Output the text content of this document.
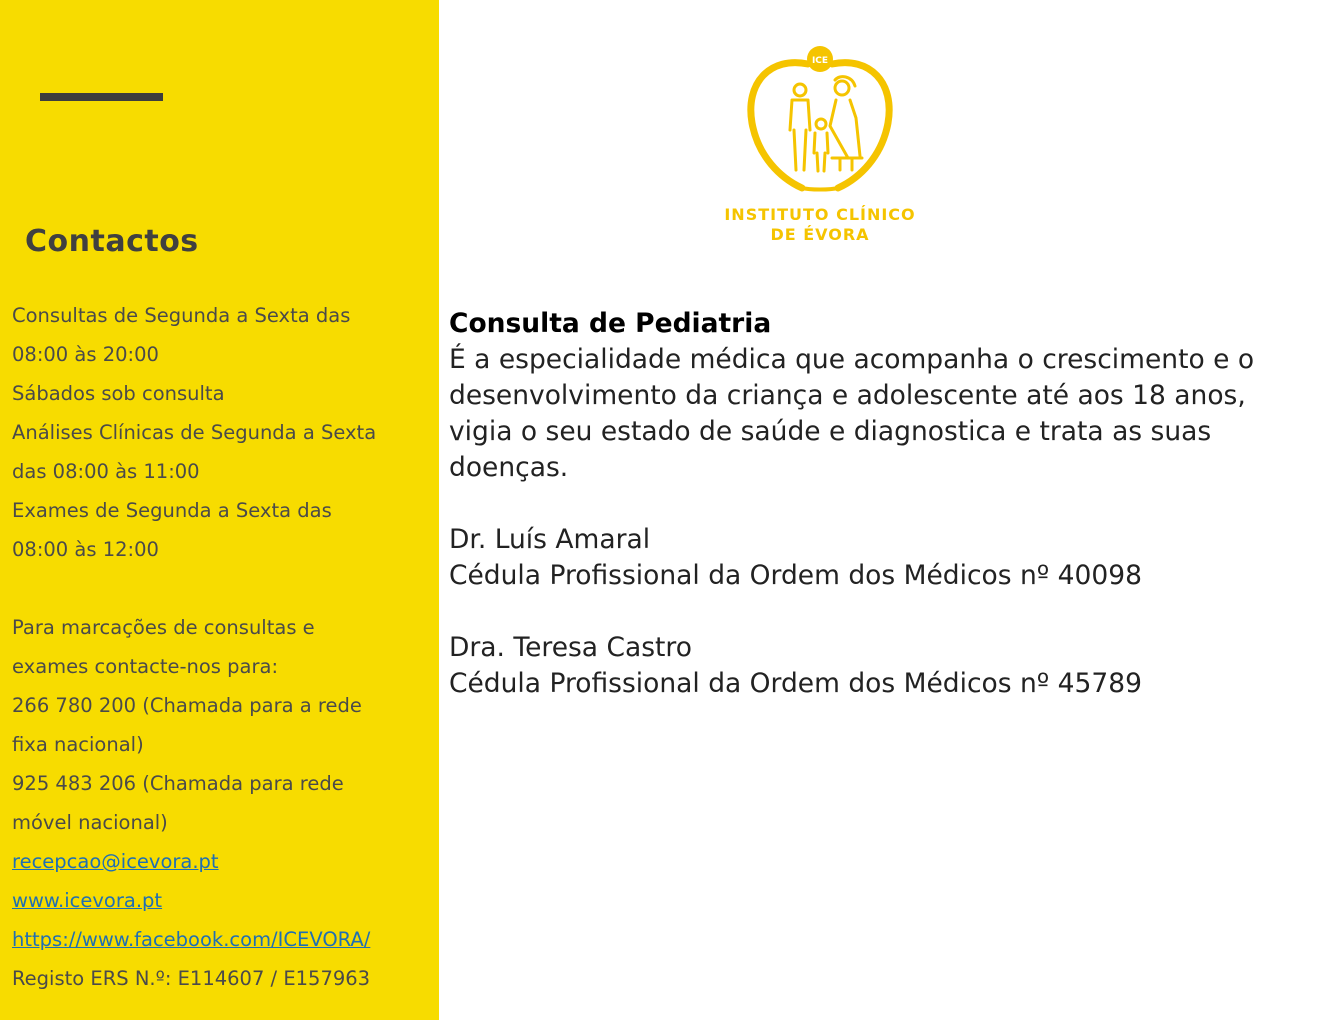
Contactos
Consultas de Segunda a Sexta das
08:00 às 20:00
Sábados sob consulta
Análises Clínicas de Segunda a Sexta
das 08:00 às 11:00
Exames de Segunda a Sexta das
08:00 às 12:00
Para marcações de consultas e
exames contacte-nos para:
266 780 200 (Chamada para a rede
fixa nacional)
925 483 206 (Chamada para rede
móvel nacional)
recepcao@icevora.pt
www.icevora.pt
https://www.facebook.com/ICEVORA/
Registo ERS N.º: E114607 / E157963
ICE
INSTITUTO CLÍNICO
DE ÉVORA

Consulta de Pediatria

É a especialidade médica que acompanha o crescimento e o desenvolvimento da criança e adolescente até aos 18 anos, vigia o seu estado de saúde e diagnostica e trata as suas doenças.

Dr. Luís Amaral

Cédula Profissional da Ordem dos Médicos nº 40098

Dra. Teresa Castro

Cédula Profissional da Ordem dos Médicos nº 45789
